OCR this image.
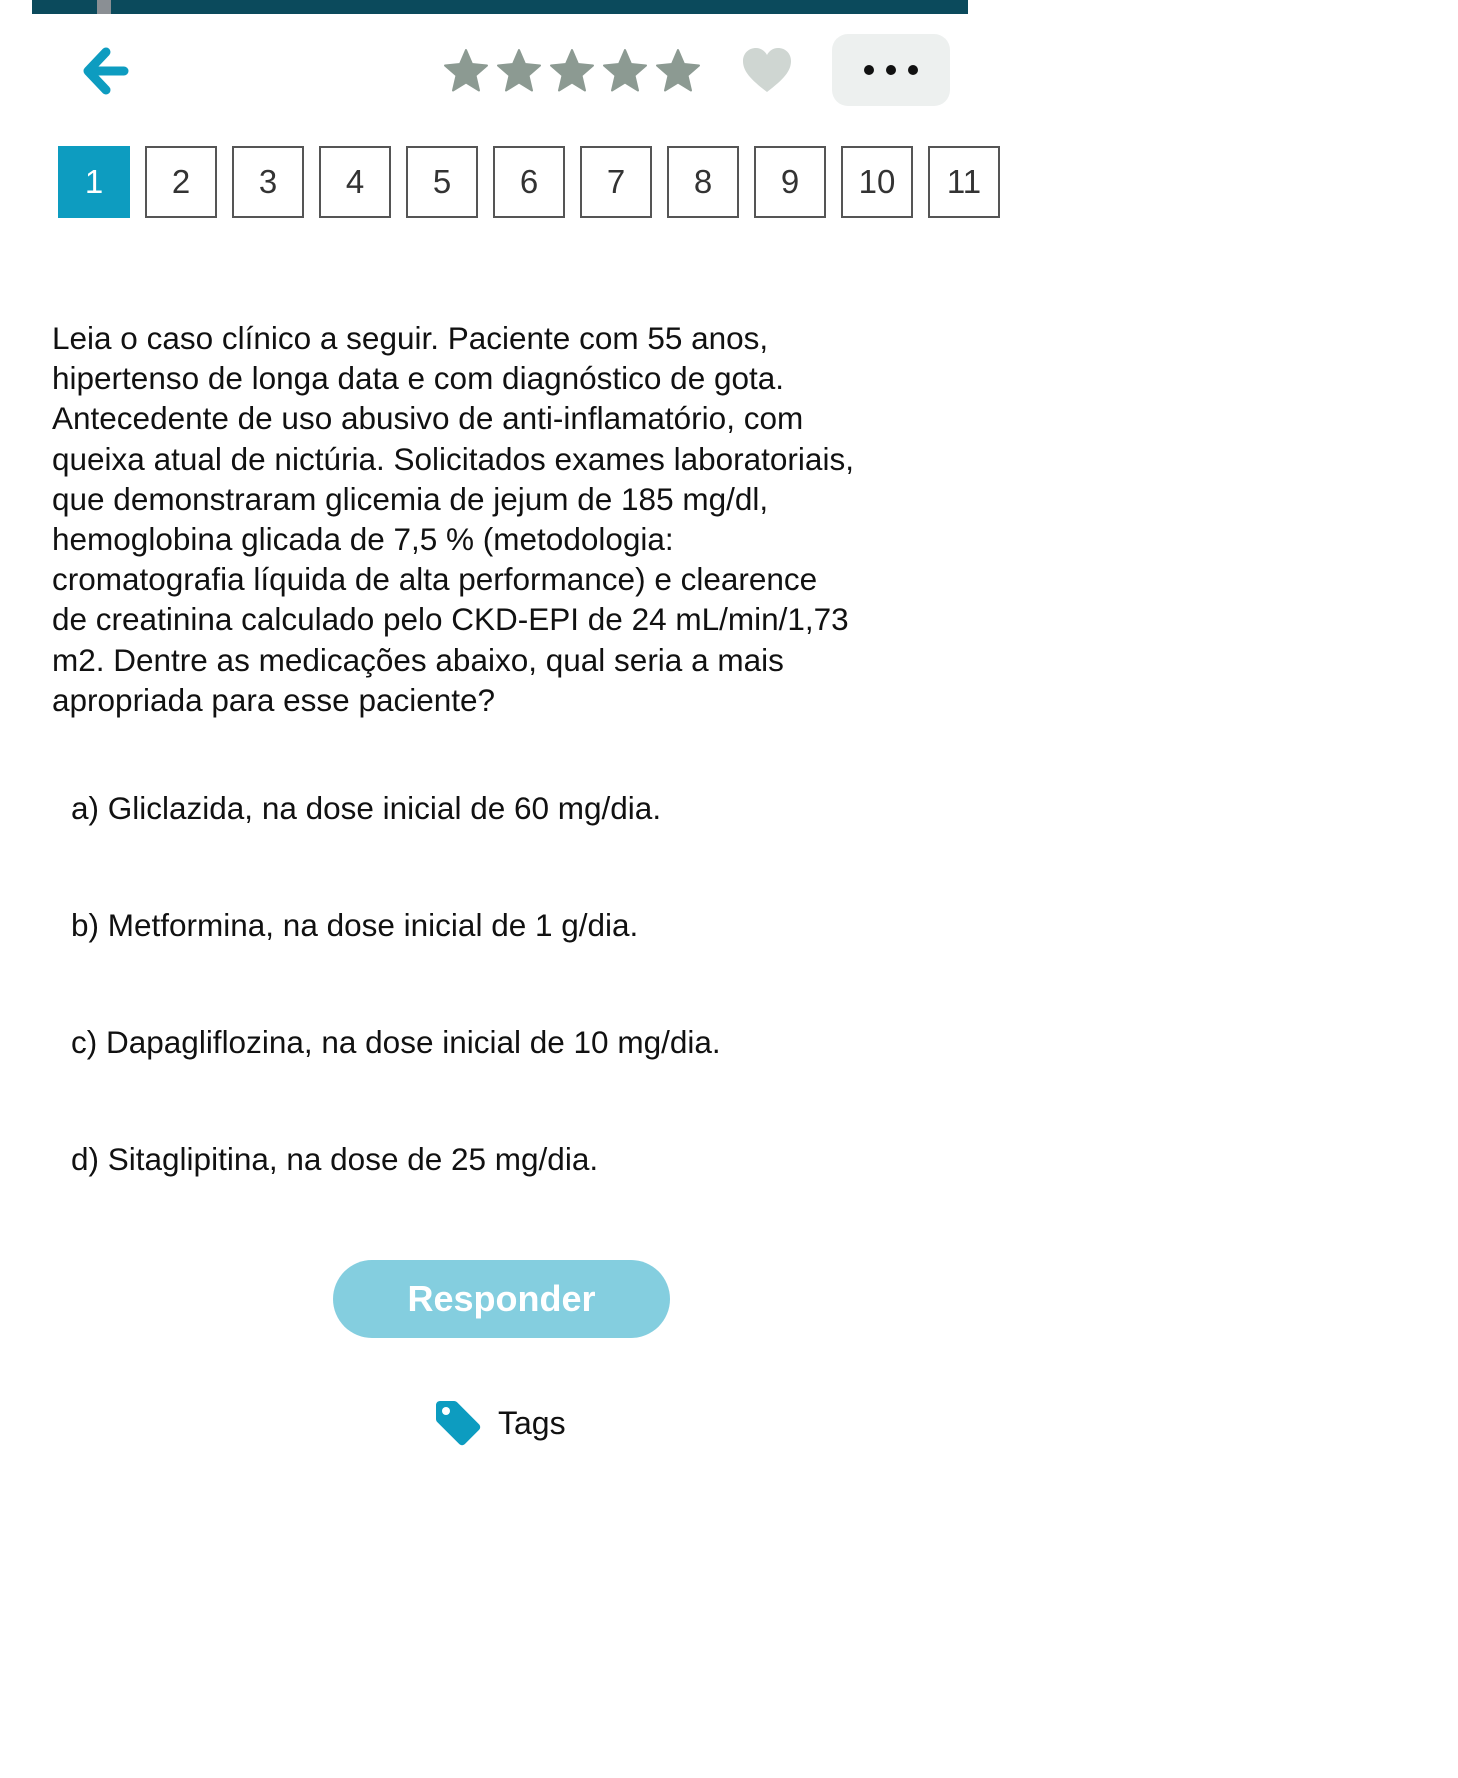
1	2	3	4	5	6	7	8	9	10	11
Leia o caso clínico a seguir. Paciente com 55 anos,
hipertenso de longa data e com diagnóstico de gota.
Antecedente de uso abusivo de anti-inflamatório, com
queixa atual de nictúria. Solicitados exames laboratoriais,
que demonstraram glicemia de jejum de 185 mg/dl,
hemoglobina glicada de 7,5 % (metodologia:
cromatografia líquida de alta performance) e clearence
de creatinina calculado pelo CKD-EPI de 24 mL/min/1,73
m2. Dentre as medicações abaixo, qual seria a mais
apropriada para esse paciente?
a) Gliclazida, na dose inicial de 60 mg/dia.
b) Metformina, na dose inicial de 1 g/dia.
c) Dapagliflozina, na dose inicial de 10 mg/dia.
d) Sitaglipitina, na dose de 25 mg/dia.
Responder
Tags
